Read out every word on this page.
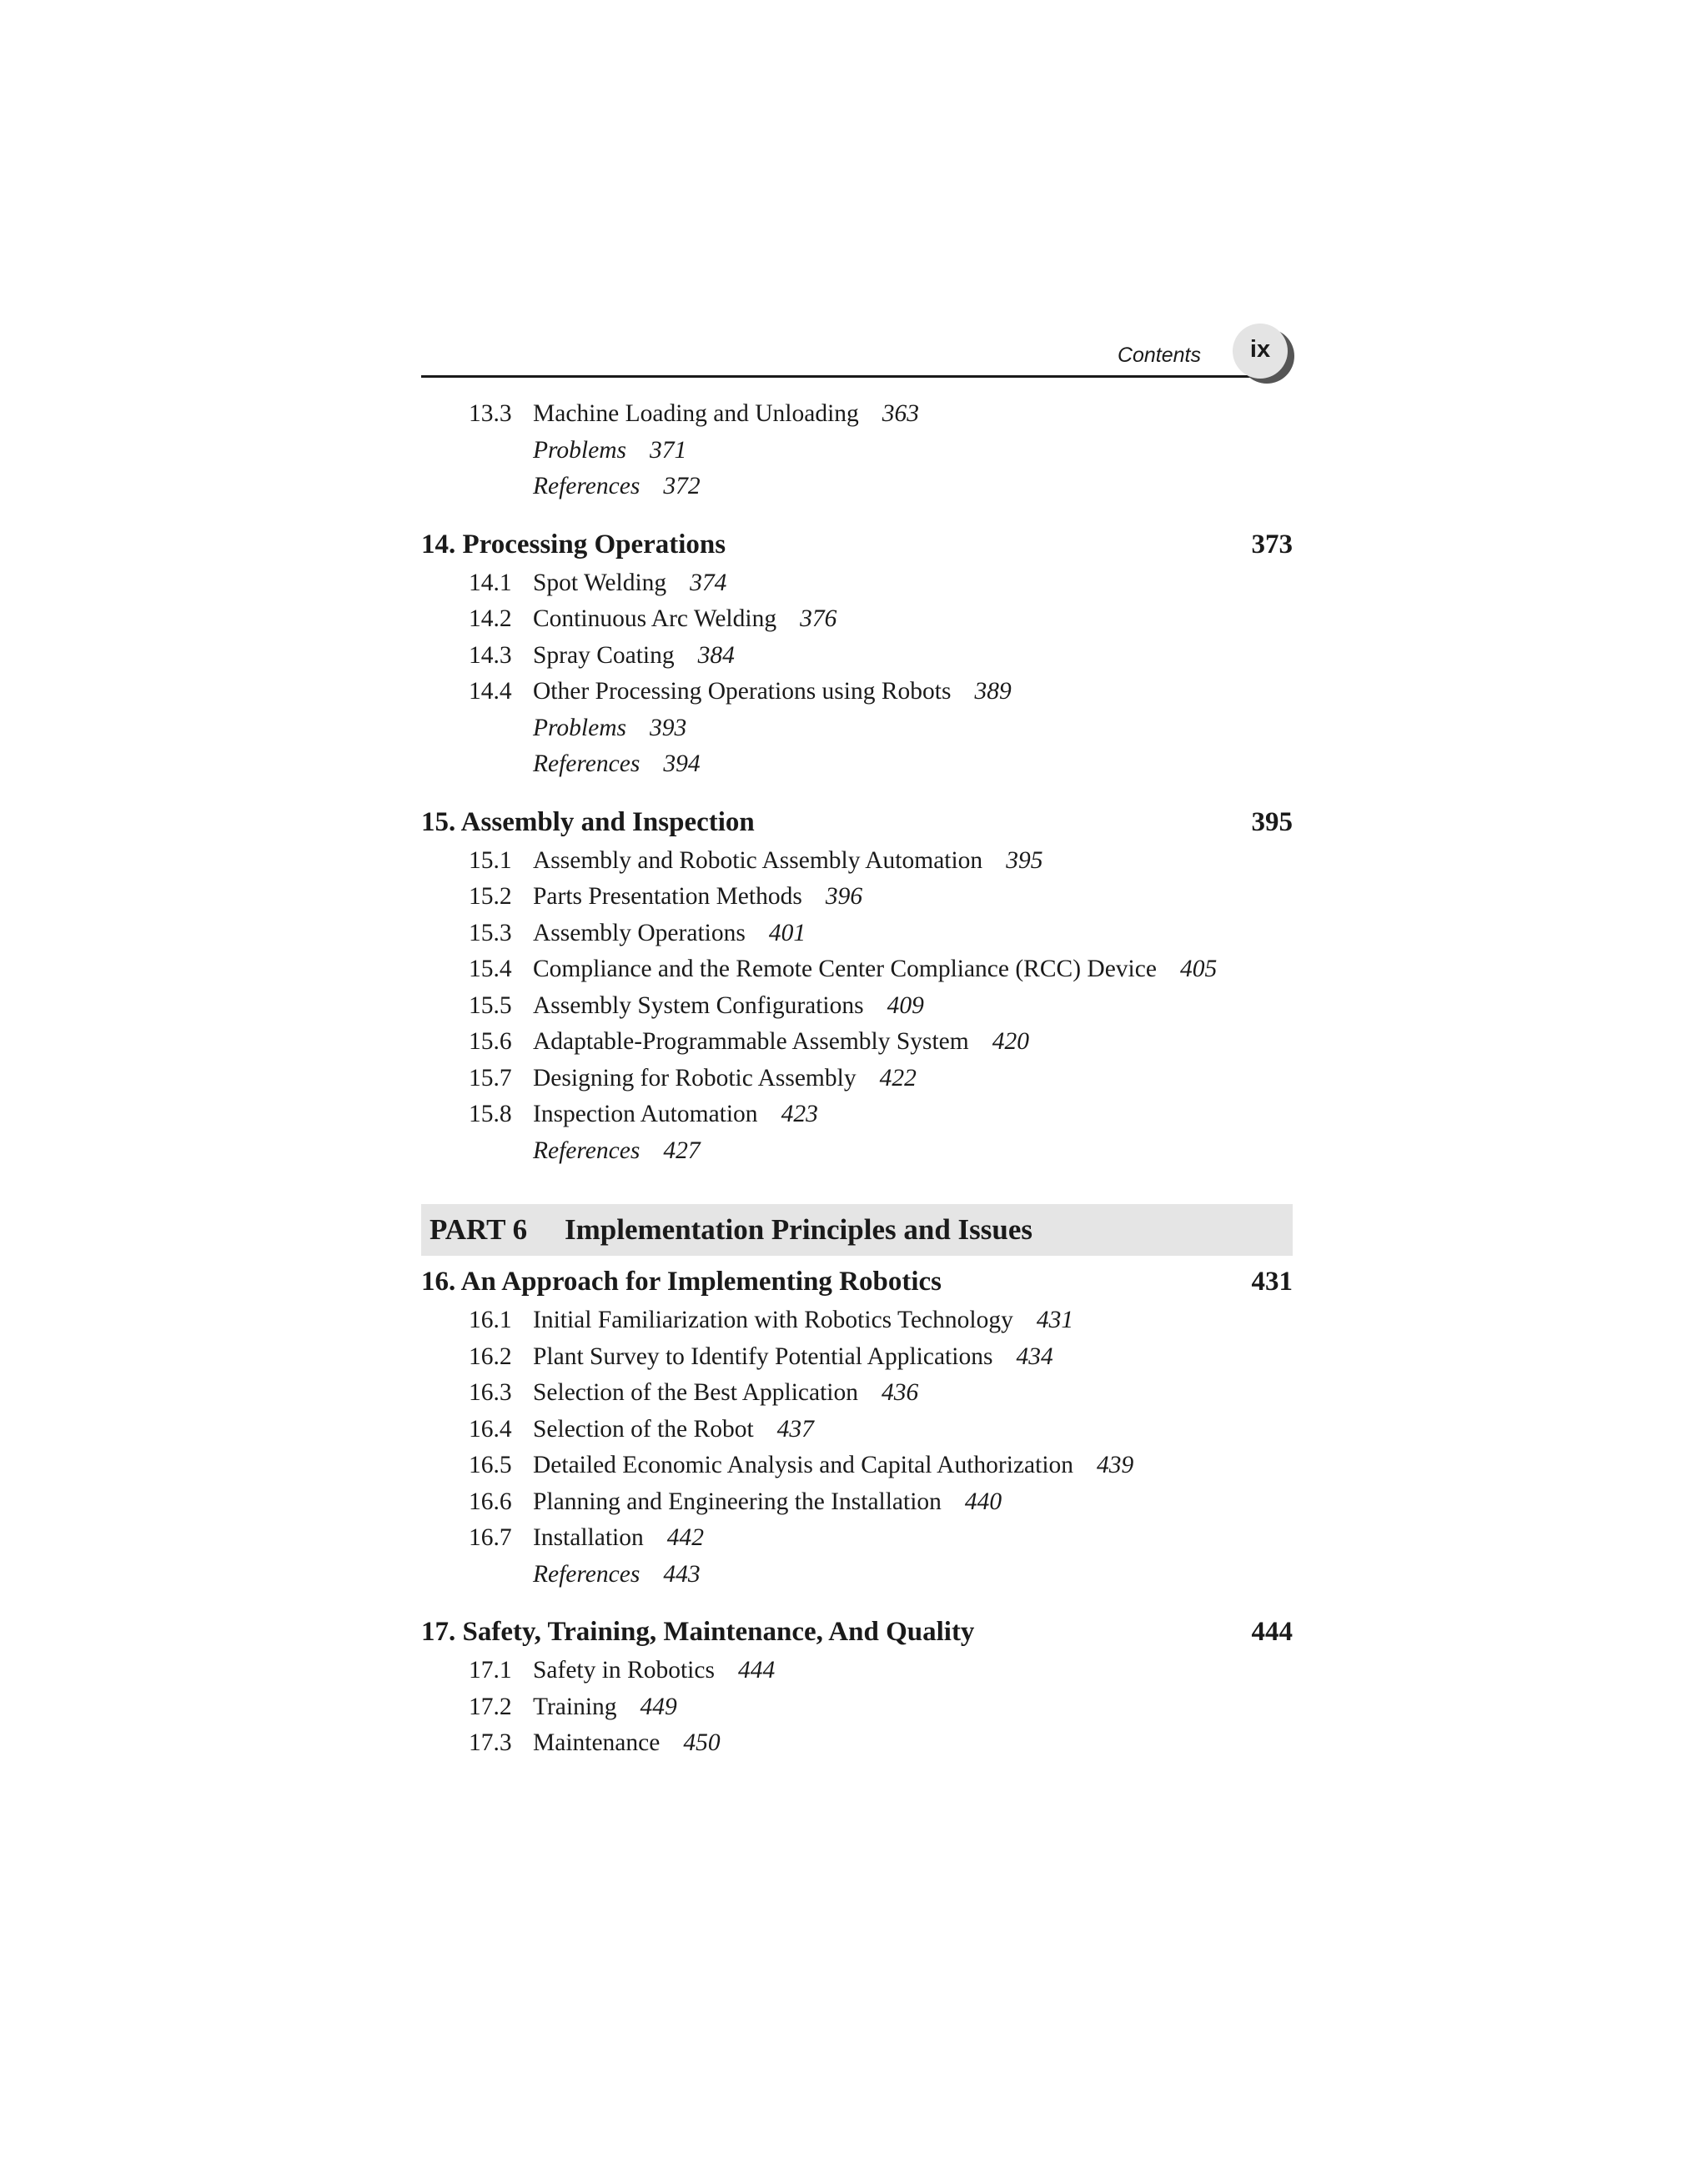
Contents	ix
13.3 Machine Loading and Unloading 363
Problems 371
References 372
14. Processing Operations	373
14.1 Spot Welding 374
14.2 Continuous Arc Welding 376
14.3 Spray Coating 384
14.4 Other Processing Operations using Robots 389
Problems 393
References 394
15. Assembly and Inspection	395
15.1 Assembly and Robotic Assembly Automation 395
15.2 Parts Presentation Methods 396
15.3 Assembly Operations 401
15.4 Compliance and the Remote Center Compliance (RCC) Device 405
15.5 Assembly System Configurations 409
15.6 Adaptable-Programmable Assembly System 420
15.7 Designing for Robotic Assembly 422
15.8 Inspection Automation 423
References 427
PART 6 Implementation Principles and Issues
16. An Approach for Implementing Robotics	431
16.1 Initial Familiarization with Robotics Technology 431
16.2 Plant Survey to Identify Potential Applications 434
16.3 Selection of the Best Application 436
16.4 Selection of the Robot 437
16.5 Detailed Economic Analysis and Capital Authorization 439
16.6 Planning and Engineering the Installation 440
16.7 Installation 442
References 443
17. Safety, Training, Maintenance, And Quality	444
17.1 Safety in Robotics 444
17.2 Training 449
17.3 Maintenance 450
